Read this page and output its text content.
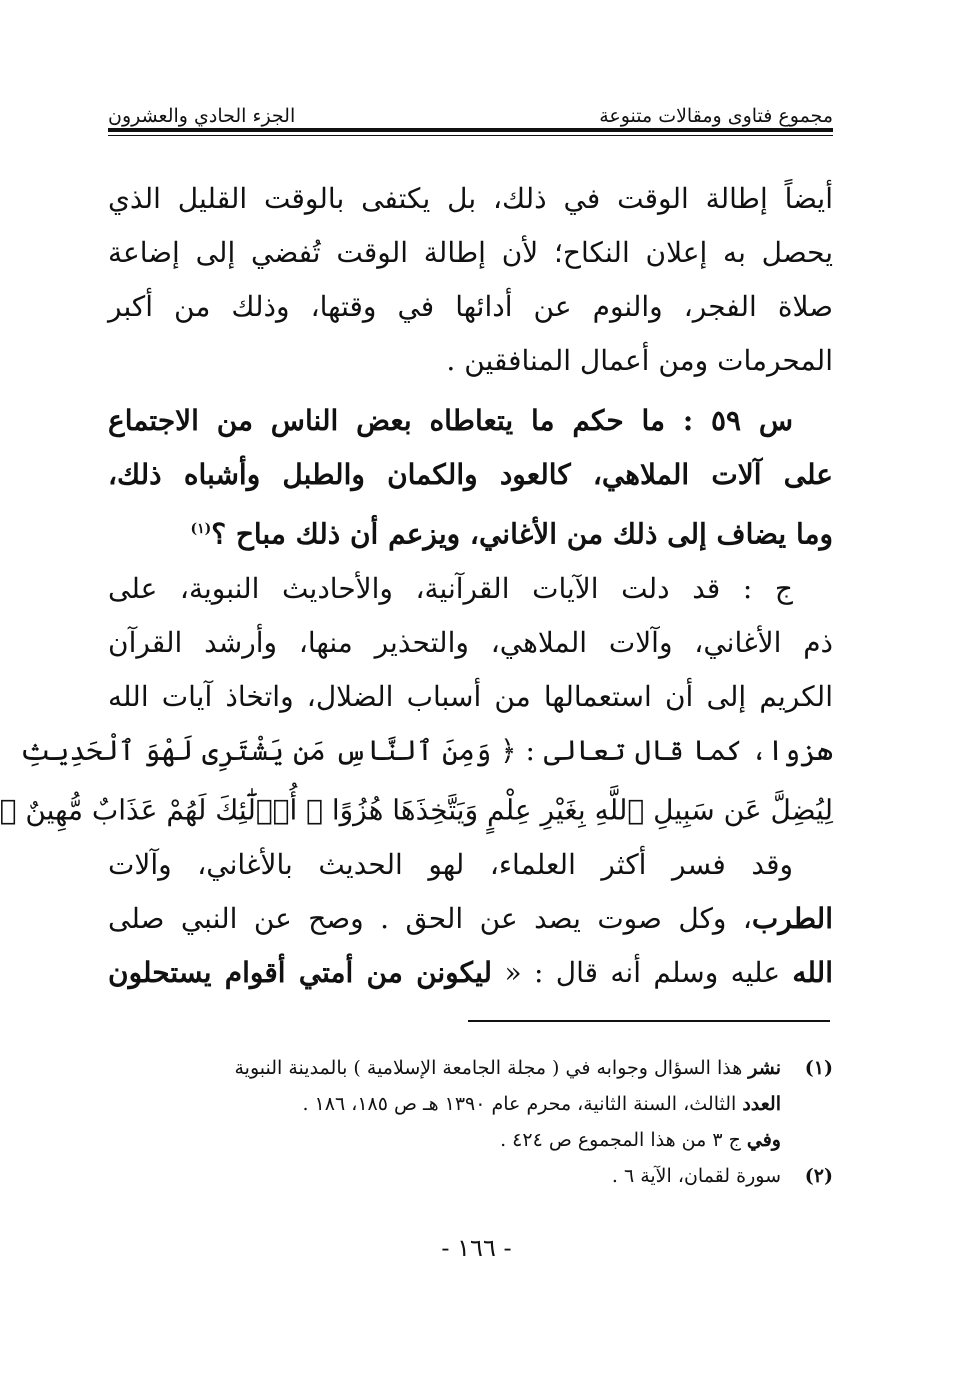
مجموع فتاوى ومقالات متنوعة
الجزء الحادي والعشرون
أيضاً إطالة الوقت في ذلك، بل يكتفى بالوقت القليل الذي
يحصل به إعلان النكاح؛ لأن إطالة الوقت تُفضي إلى إضاعة
صلاة الفجر، والنوم عن أدائها في وقتها، وذلك من أكبر
المحرمات ومن أعمال المنافقين .
س ٥٩ : ما حكم ما يتعاطاه بعض الناس من الاجتماع
على آلات الملاهي، كالعود والكمان والطبل وأشباه ذلك،
وما يضاف إلى ذلك من الأغاني، ويزعم أن ذلك مباح ؟$^{(١)}$
ج : قد دلت الآيات القرآنية، والأحاديث النبوية، على
ذم الأغاني، وآلات الملاهي، والتحذير منها، وأرشد القرآن
الكريم إلى أن استعمالها من أسباب الضلال، واتخاذ آيات الله
هزوا، كما قال تعالى : ﴿ وَمِنَ ٱلنَّاسِ مَن يَشْتَرِى لَهْوَ ٱلْحَدِيثِ
لِيُضِلَّ عَن سَبِيلِ ٱللَّهِ بِغَيْرِ عِلْمٍ وَيَتَّخِذَهَا هُزُوًا ۚ أُو۟لَٰٓئِكَ لَهُمْ عَذَابٌ مُّهِينٌ ﴾
وقد فسر أكثر العلماء، لهو الحديث بالأغاني، وآلات
الطرب، وكل صوت يصد عن الحق . وصح عن النبي صلى
الله عليه وسلم أنه قال : « ليكونن من أمتي أقوام يستحلون
(١)نشر هذا السؤال وجوابه في ( مجلة الجامعة الإسلامية ) بالمدينة النبوية
العدد الثالث، السنة الثانية، محرم عام ١٣٩٠ هـ ص ١٨٥، ١٨٦ .
وفي ج ٣ من هذا المجموع ص ٤٢٤ .
(٢)سورة لقمان، الآية ٦ .
- ١٦٦ -
